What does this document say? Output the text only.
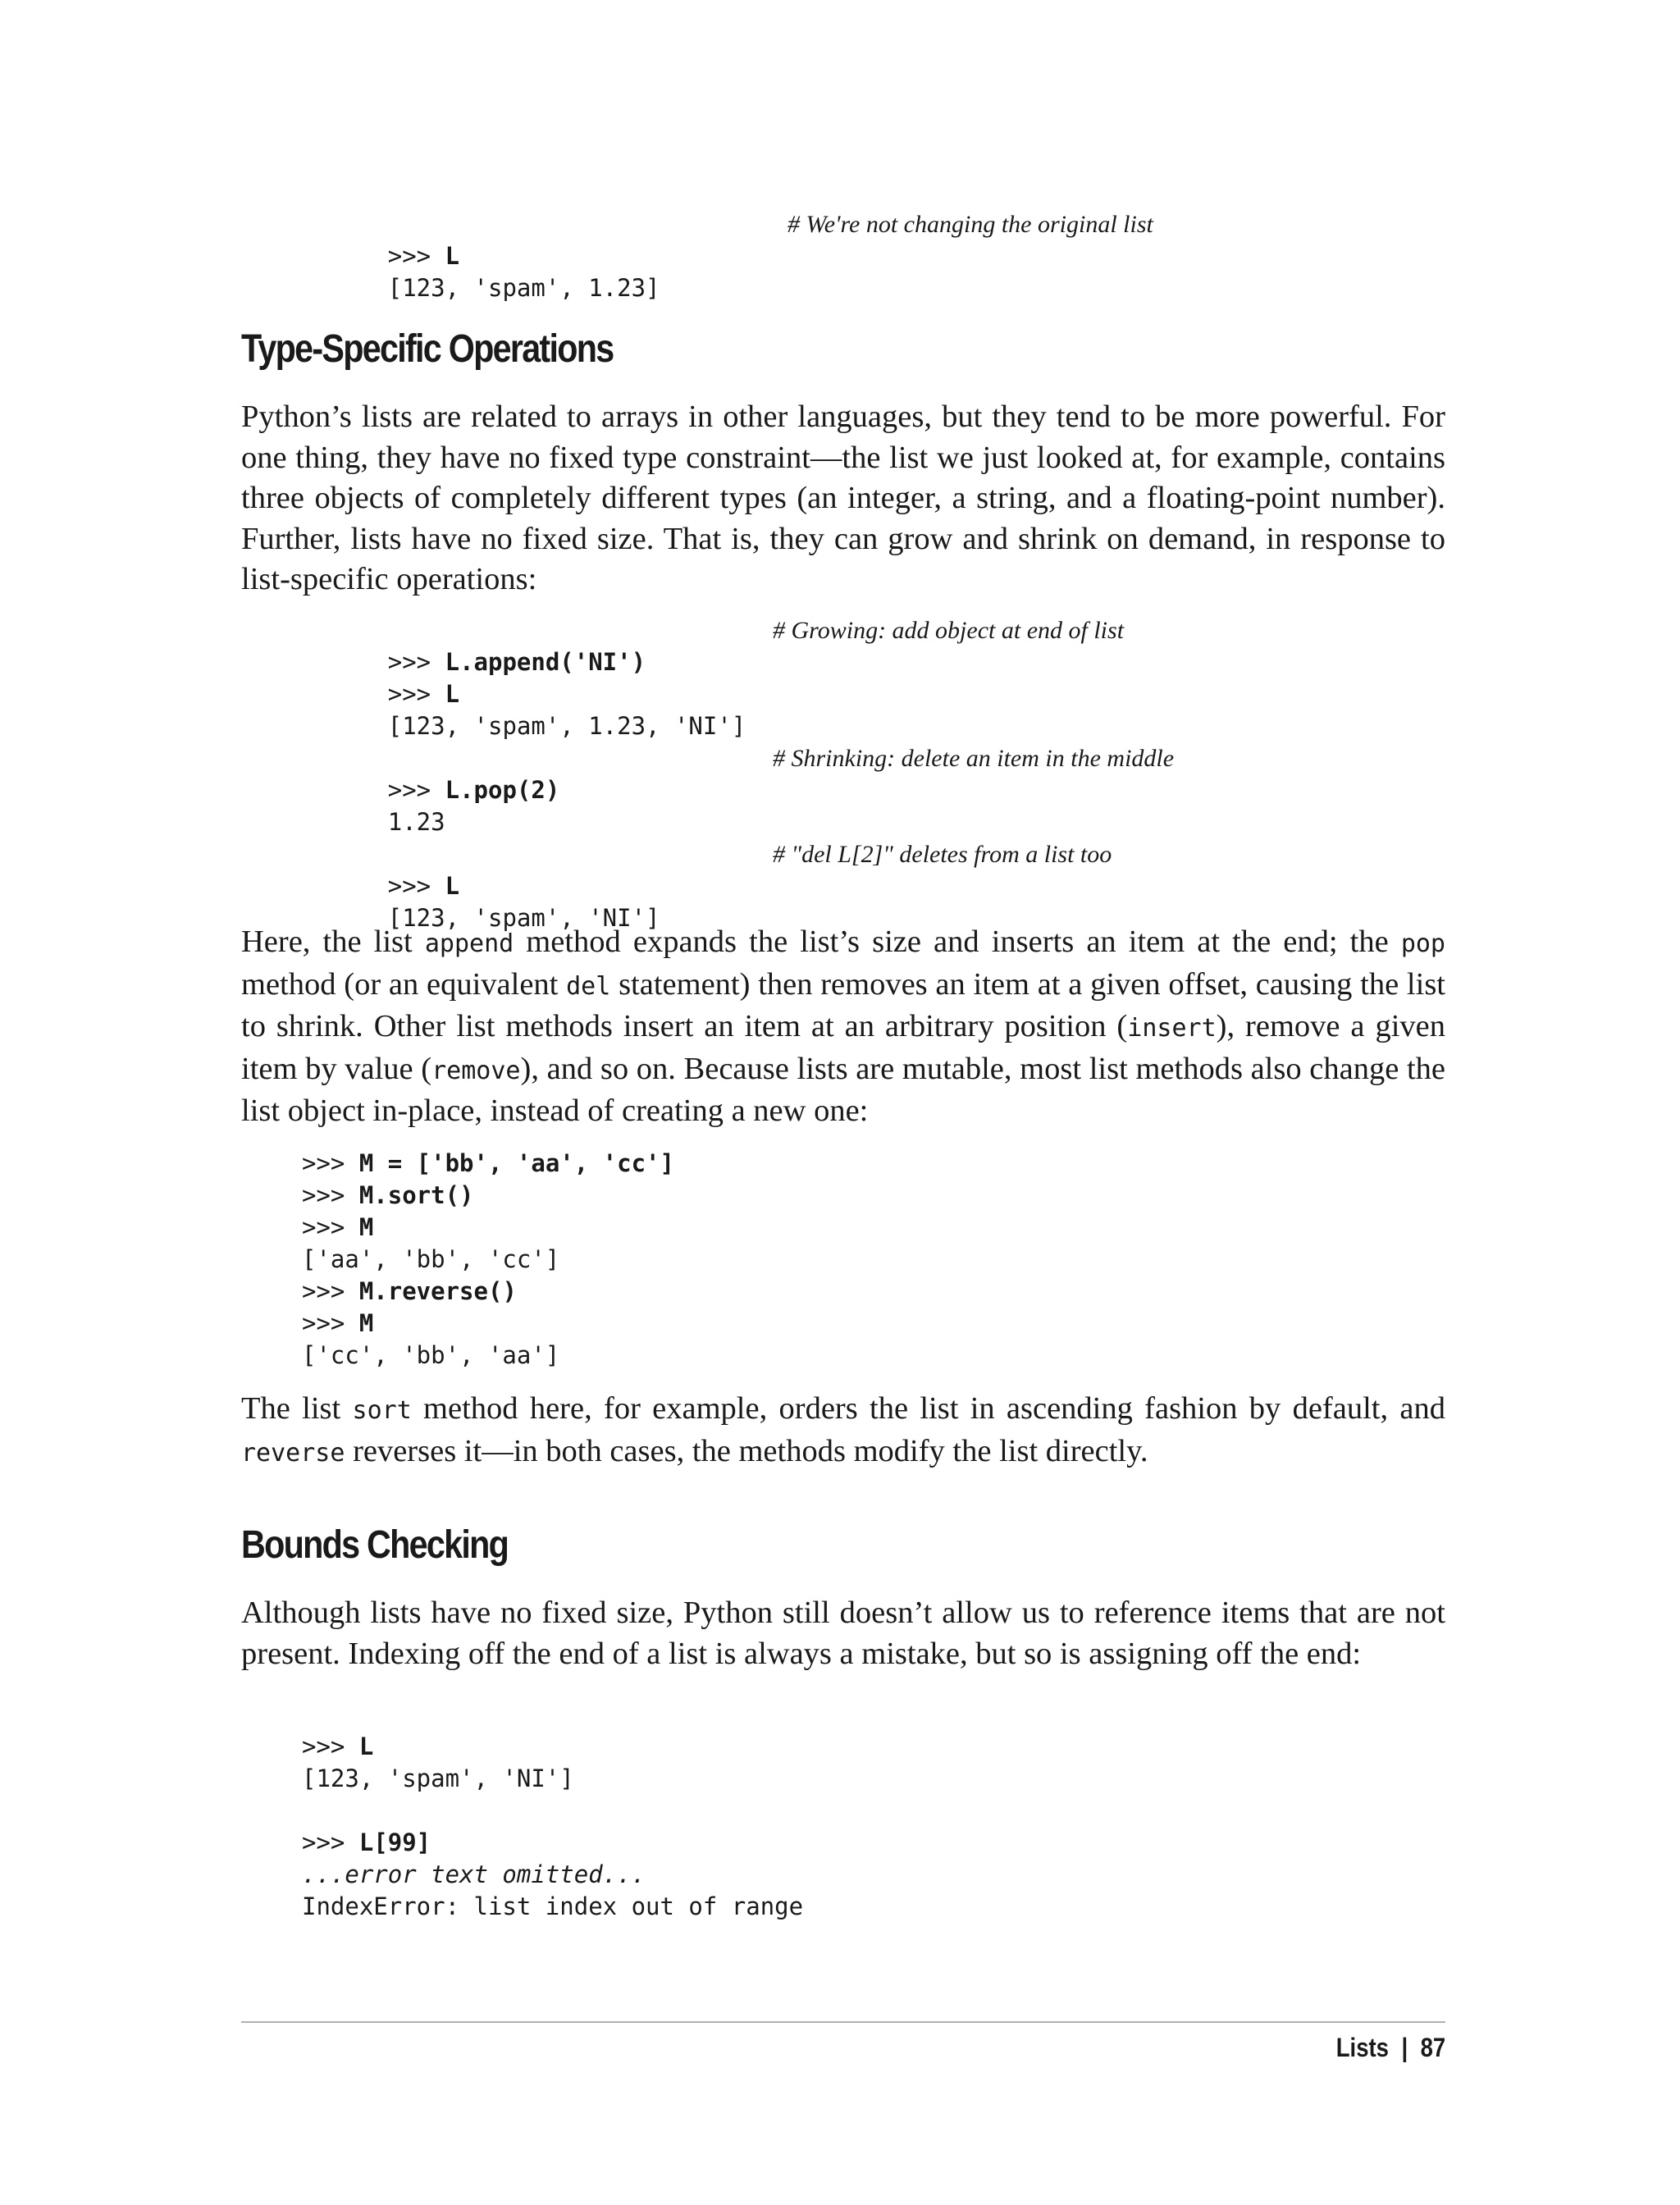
>>> L

# We're not changing the original list

[123, 'spam', 1.23]

Type-Specific Operations

Python’s lists are related to arrays in other languages, but they tend to be more powerful. For one thing, they have no fixed type constraint—the list we just looked at, for example, contains three objects of completely different types (an integer, a string, and a floating-point number). Further, lists have no fixed size. That is, they can grow and shrink on demand, in response to list-specific operations:

>>> L.append('NI')

# Growing: add object at end of list

>>> L

[123, 'spam', 1.23, 'NI']

>>> L.pop(2)

# Shrinking: delete an item in the middle

1.23

>>> L

# "del L[2]" deletes from a list too

[123, 'spam', 'NI']

Here, the list append method expands the list’s size and inserts an item at the end; the pop method (or an equivalent del statement) then removes an item at a given offset, causing the list to shrink. Other list methods insert an item at an arbitrary position (insert), remove a given item by value (remove), and so on. Because lists are mutable, most list methods also change the list object in-place, instead of creating a new one:

>>> M = ['bb', 'aa', 'cc']
>>> M.sort()
>>> M
['aa', 'bb', 'cc']
>>> M.reverse()
>>> M
['cc', 'bb', 'aa']

The list sort method here, for example, orders the list in ascending fashion by default, and reverse reverses it—in both cases, the methods modify the list directly.

Bounds Checking

Although lists have no fixed size, Python still doesn’t allow us to reference items that are not present. Indexing off the end of a list is always a mistake, but so is assigning off the end:

>>> L
[123, 'spam', 'NI']
>>> L[99]
...error text omitted...
IndexError: list index out of range
Lists | 87
